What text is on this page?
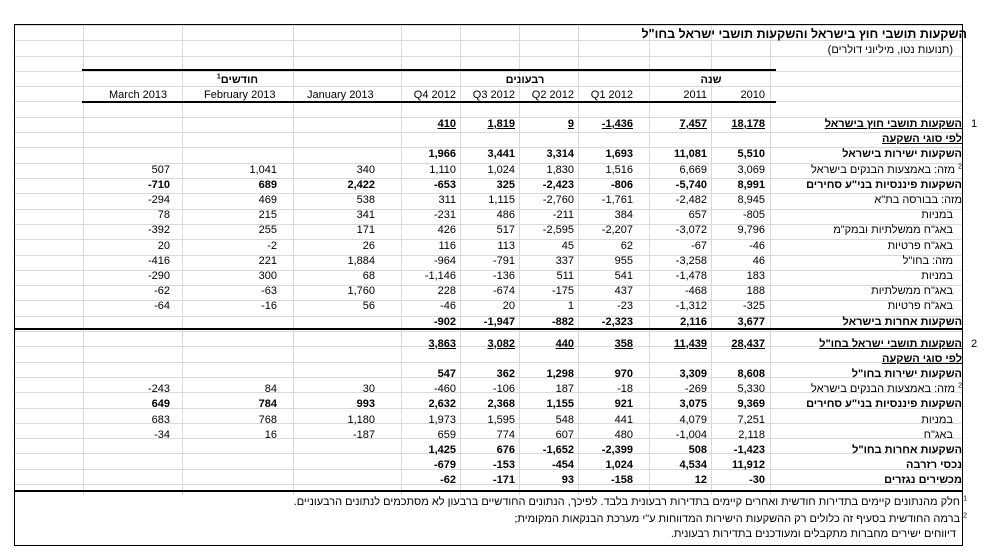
השקעות תושבי חוץ בישראל והשקעות תושבי ישראל בחו"ל
(תנועות נטו, מיליוני דולרים)
שנה
רבעונים
$^1$חודשים
2010
2011
Q1 2012
Q2 2012
Q3 2012
Q4 2012
January 2013
February 2013
March 2013
1
השקעות תושבי חוץ בישראל
18,178
7,457
-1,436
9
1,819
410
לפי סוגי השקעה
השקעות ישירות בישראל
5,510
11,081
1,693
3,314
3,441
1,966
$^2$ מזה: באמצעות הבנקים בישראל
3,069
6,669
1,516
1,830
1,024
1,110
340
1,041
507
השקעות פיננסיות בני"ע סחירים
8,991
-5,740
-806
-2,423
325
-653
2,422
689
-710
מזה: בבורסה בת"א
8,945
-2,482
-1,761
-2,760
1,115
311
538
469
-294
במניות
-805
657
384
-211
486
-231
341
215
78
באג"ח ממשלתיות ובמק"מ
9,796
-3,072
-2,207
-2,595
517
426
171
255
-392
באג"ח פרטיות
-46
-67
62
45
113
116
26
-2
20
מזה: בחו"ל
46
-3,258
955
337
-791
-964
1,884
221
-416
במניות
183
-1,478
541
511
-136
-1,146
68
300
-290
באג"ח ממשלתיות
188
-468
437
-175
-674
228
1,760
-63
-62
באג"ח פרטיות
-325
-1,312
-23
1
20
-46
56
-16
-64
השקעות אחרות בישראל
3,677
2,116
-2,323
-882
-1,947
-902
2
השקעות תושבי ישראל בחו"ל
28,437
11,439
358
440
3,082
3,863
לפי סוגי השקעה
השקעות ישירות בחו"ל
8,608
3,309
970
1,298
362
547
$^2$ מזה: באמצעות הבנקים בישראל
5,330
-269
-18
187
-106
-460
30
84
-243
השקעות פיננסיות בני"ע סחירים
9,369
3,075
921
1,155
2,368
2,632
993
784
649
במניות
7,251
4,079
441
548
1,595
1,973
1,180
768
683
באג"ח
2,118
-1,004
480
607
774
659
-187
16
-34
השקעות אחרות בחו"ל
-1,423
508
-2,399
-1,652
676
1,425
נכסי רזרבה
11,912
4,534
1,024
-454
-153
-679
מכשירים נגזרים
-30
12
-158
93
-171
-62
$^1$ חלק מהנתונים קיימים בתדירות חודשית ואחרים קיימים בתדירות רבעונית בלבד. לפיכך, הנתונים החודשיים ברבעון לא מסתכמים לנתונים הרבעוניים.
$^2$ ברמה החודשית בסעיף זה כלולים רק ההשקעות הישירות המדווחות ע"י מערכת הבנקאות המקומית;
דיווחים ישירים מחברות מתקבלים ומעודכנים בתדירות רבעונית.
